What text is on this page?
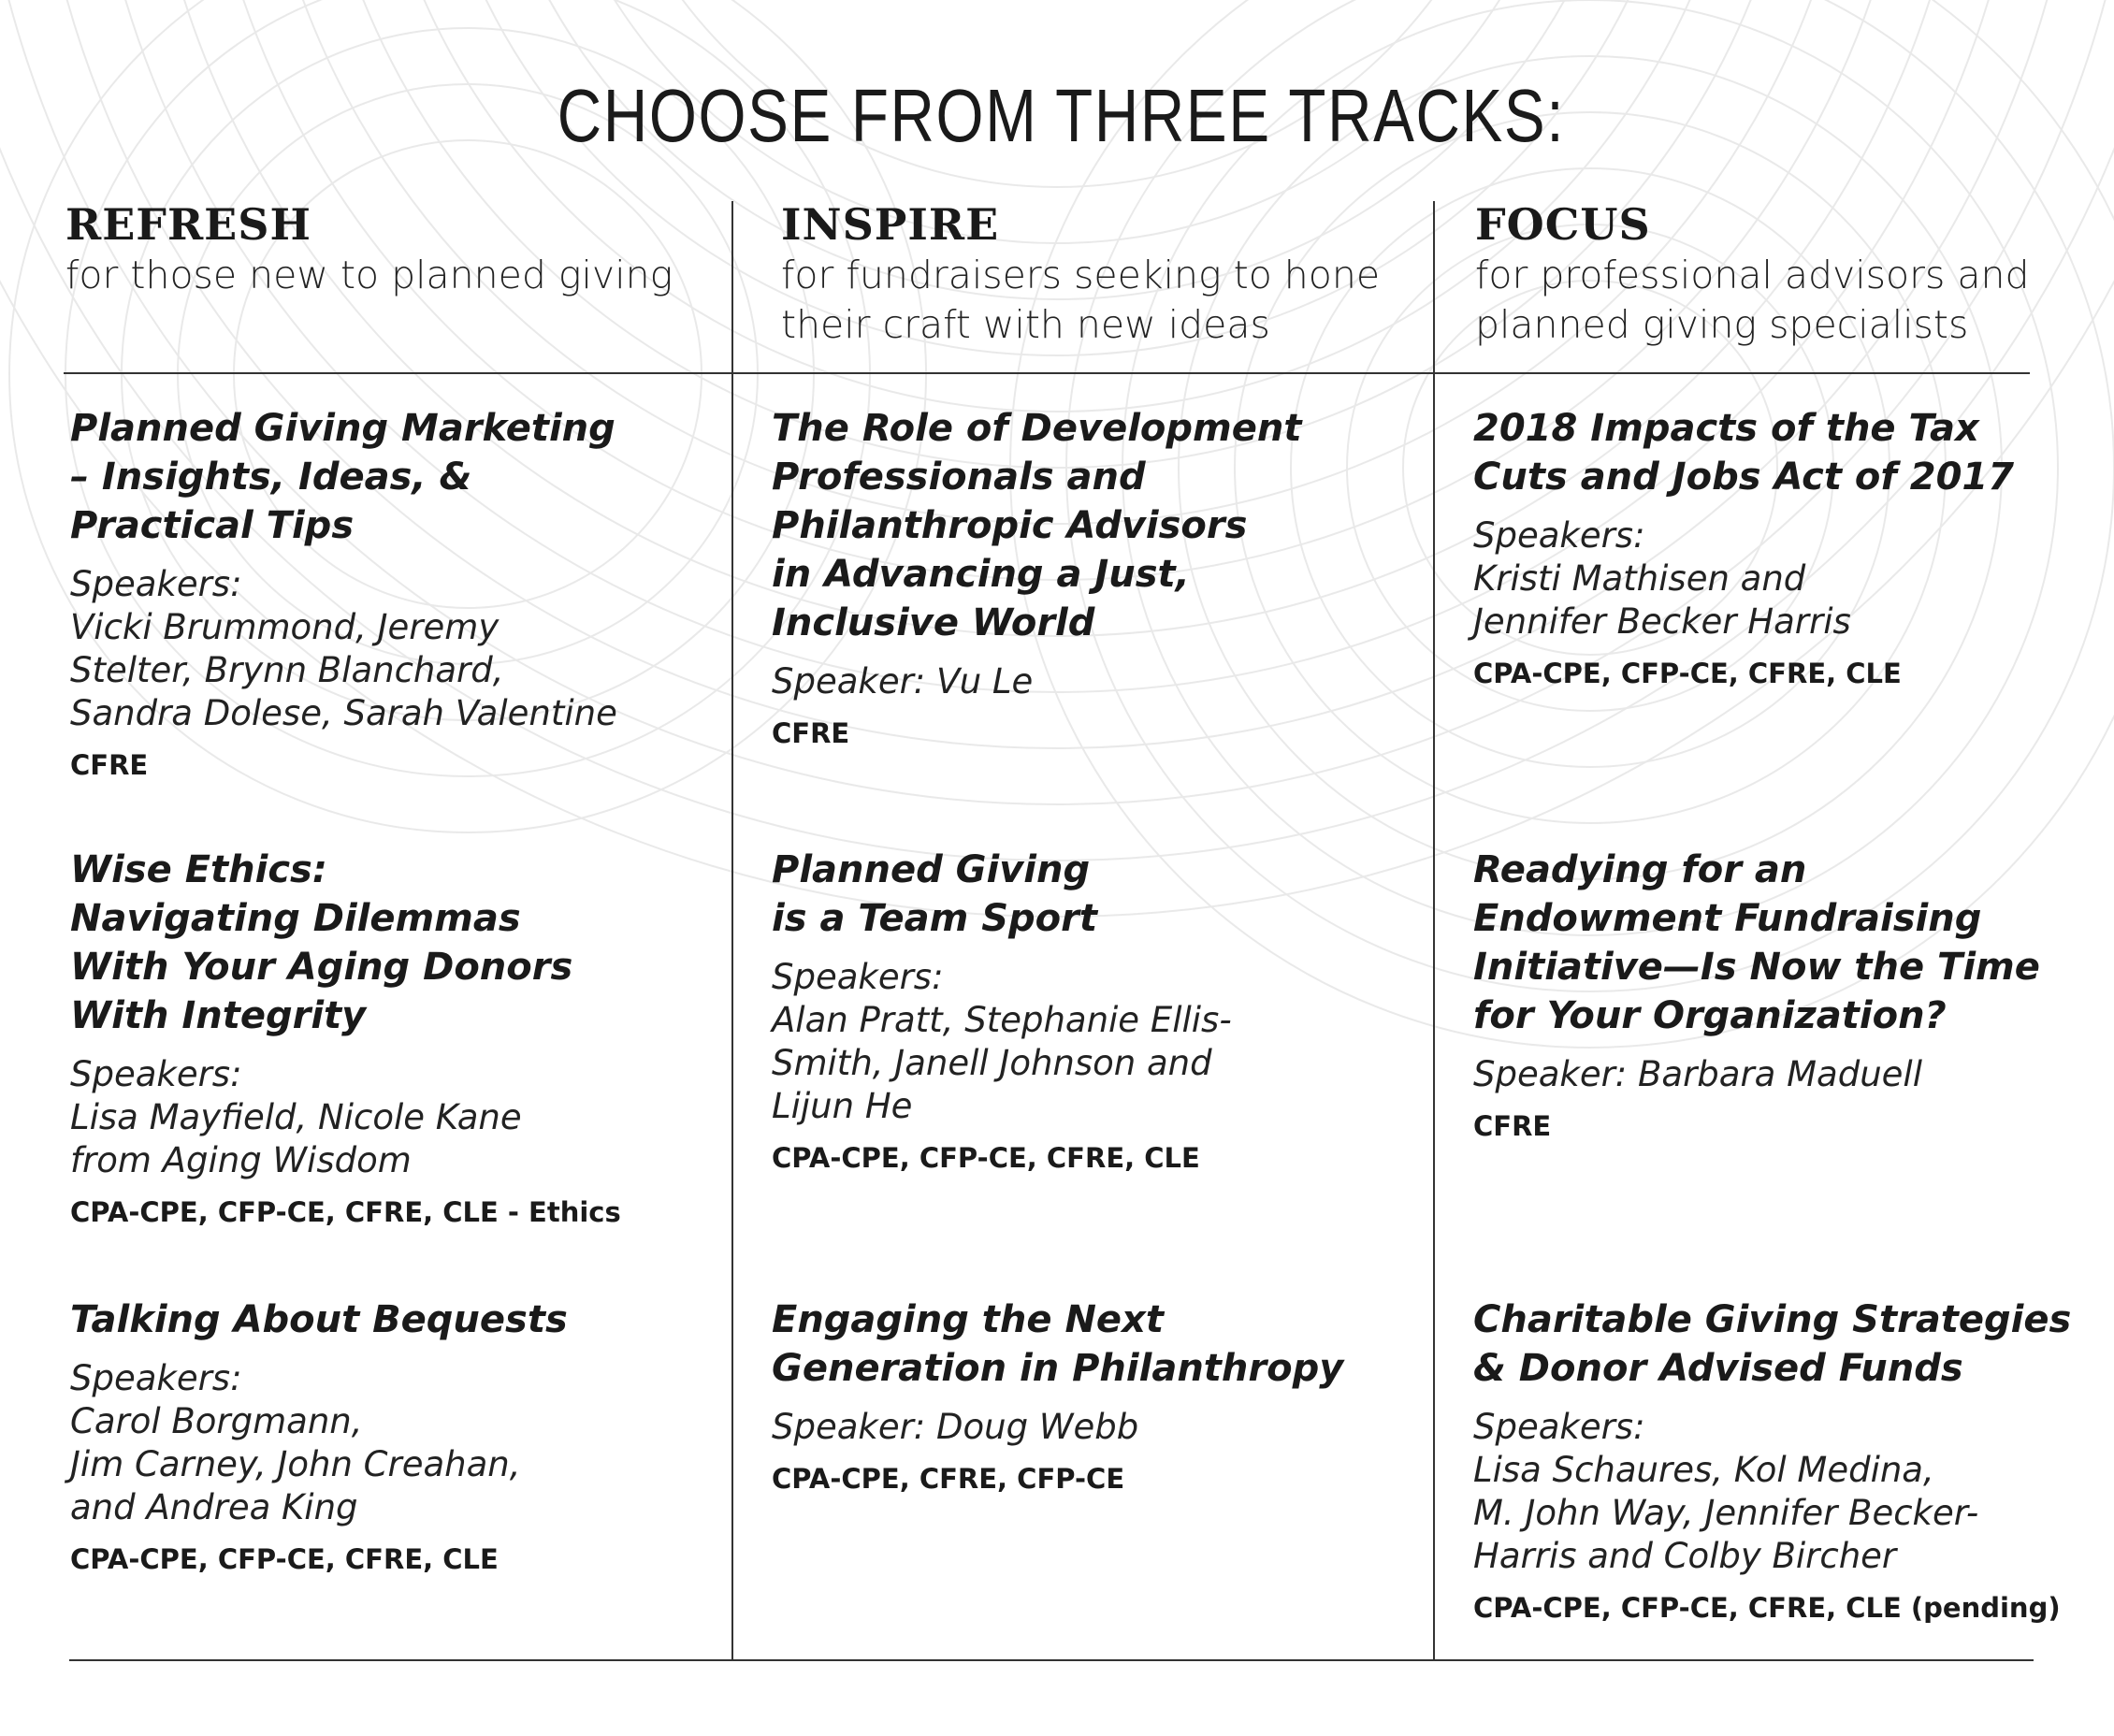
CHOOSE FROM THREE TRACKS:
REFRESH
for those new to planned giving
INSPIRE
for fundraisers seeking to hone
their craft with new ideas
FOCUS
for professional advisors and
planned giving specialists
Planned Giving Marketing
– Insights, Ideas, &
Practical Tips
Speakers:
Vicki Brummond, Jeremy
Stelter, Brynn Blanchard,
Sandra Dolese, Sarah Valentine
CFRE
Wise Ethics:
Navigating Dilemmas
With Your Aging Donors
With Integrity
Speakers:
Lisa Mayfield, Nicole Kane
from Aging Wisdom
CPA-CPE, CFP-CE, CFRE, CLE - Ethics
Talking About Bequests
Speakers:
Carol Borgmann,
Jim Carney, John Creahan,
and Andrea King
CPA-CPE, CFP-CE, CFRE, CLE
The Role of Development
Professionals and
Philanthropic Advisors
in Advancing a Just,
Inclusive World
Speaker: Vu Le
CFRE
Planned Giving
is a Team Sport
Speakers:
Alan Pratt, Stephanie Ellis-
Smith, Janell Johnson and
Lijun He
CPA-CPE, CFP-CE, CFRE, CLE
Engaging the Next
Generation in Philanthropy
Speaker: Doug Webb
CPA-CPE, CFRE, CFP-CE
2018 Impacts of the Tax
Cuts and Jobs Act of 2017
Speakers:
Kristi Mathisen and
Jennifer Becker Harris
CPA-CPE, CFP-CE, CFRE, CLE
Readying for an
Endowment Fundraising
Initiative—Is Now the Time
for Your Organization?
Speaker: Barbara Maduell
CFRE
Charitable Giving Strategies
& Donor Advised Funds
Speakers:
Lisa Schaures, Kol Medina,
M. John Way, Jennifer Becker-
Harris and Colby Bircher
CPA-CPE, CFP-CE, CFRE, CLE (pending)
